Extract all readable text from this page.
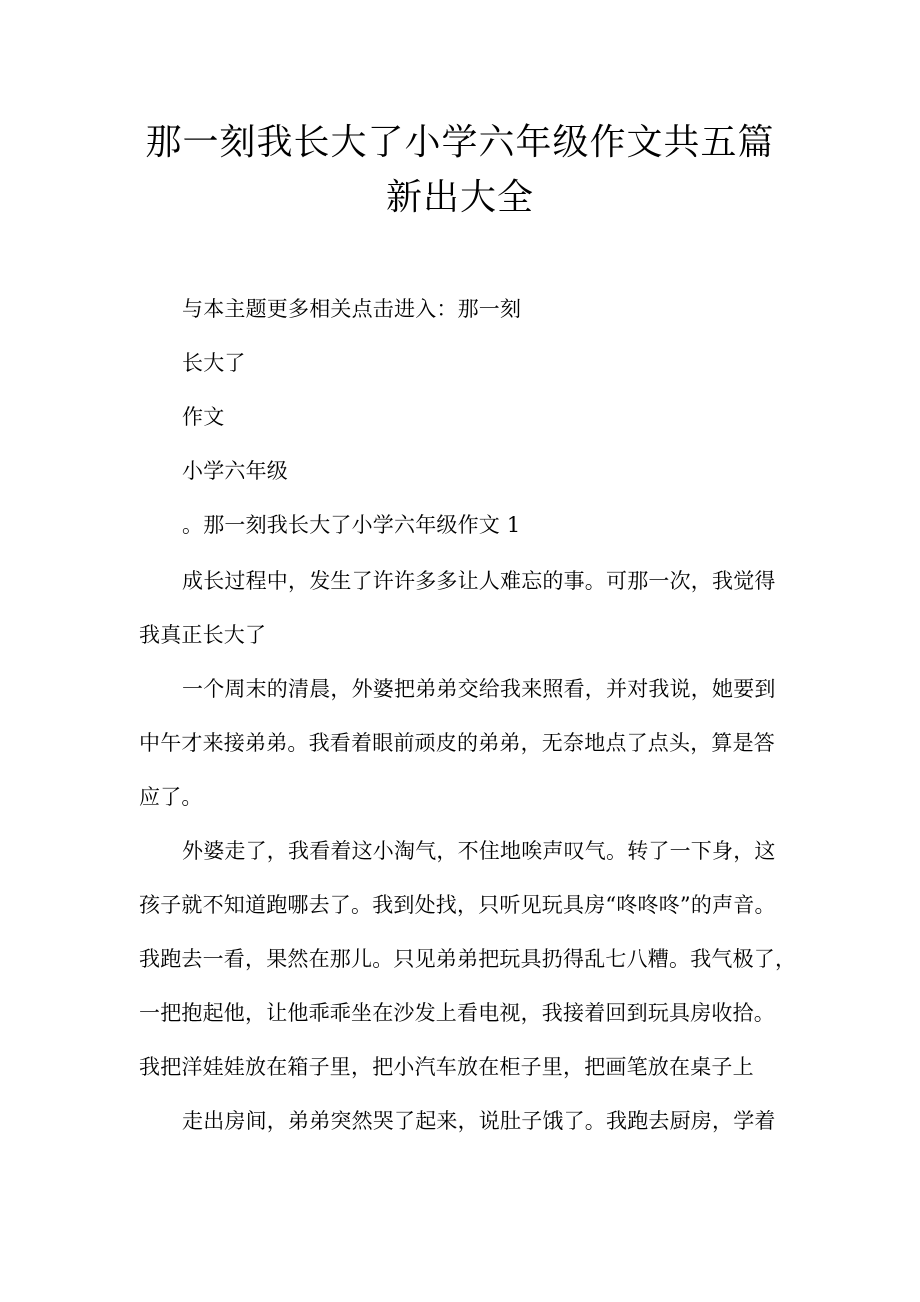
那一刻我长大了小学六年级作文共五篇
新出大全
与本主题更多相关点击进入：那一刻
长大了
作文
小学六年级
。那一刻我长大了小学六年级作文 1
成长过程中，发生了许许多多让人难忘的事。可那一次，我觉得
我真正长大了
一个周末的清晨，外婆把弟弟交给我来照看，并对我说，她要到
中午才来接弟弟。我看着眼前顽皮的弟弟，无奈地点了点头，算是答
应了。
外婆走了，我看着这小淘气，不住地唉声叹气。转了一下身，这
孩子就不知道跑哪去了。我到处找，只听见玩具房“咚咚咚”的声音。
我跑去一看，果然在那儿。只见弟弟把玩具扔得乱七八糟。我气极了，
一把抱起他，让他乖乖坐在沙发上看电视，我接着回到玩具房收拾。
我把洋娃娃放在箱子里，把小汽车放在柜子里，把画笔放在桌子上
走出房间，弟弟突然哭了起来，说肚子饿了。我跑去厨房，学着
